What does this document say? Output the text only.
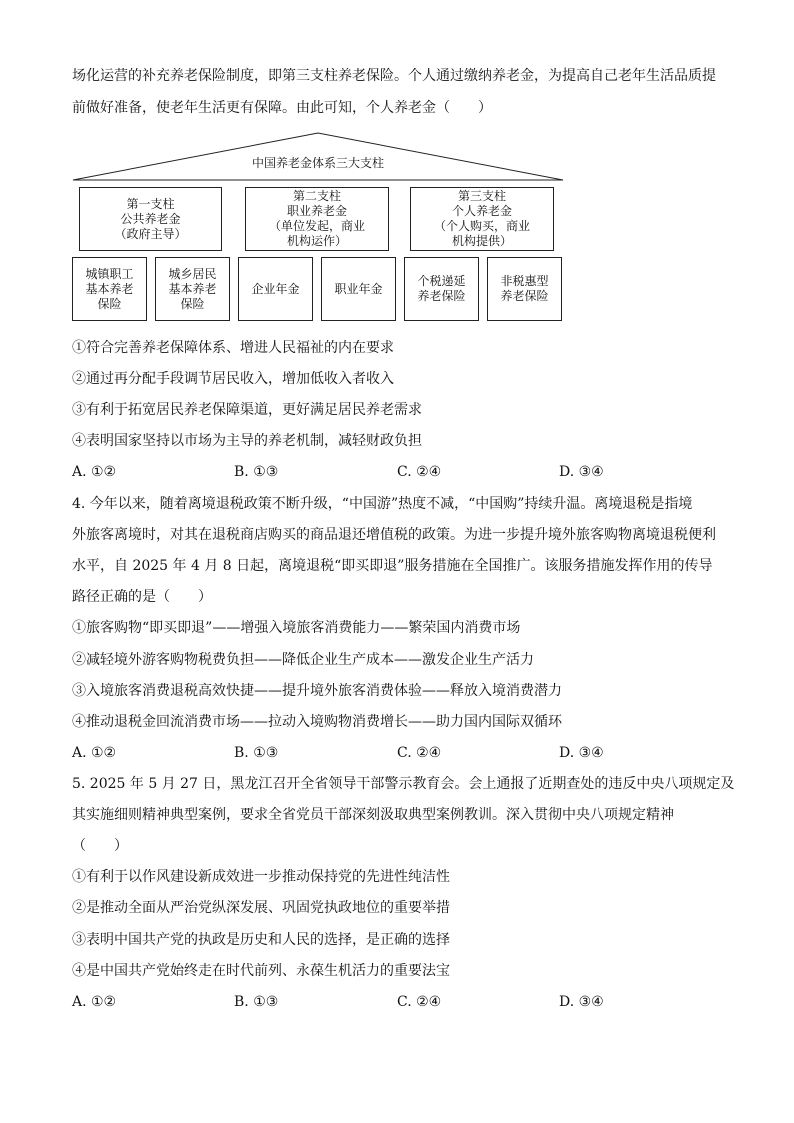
场化运营的补充养老保险制度，即第三支柱养老保险。个人通过缴纳养老金，为提高自己老年生活品质提
前做好准备，使老年生活更有保障。由此可知，个人养老金（　　）
中国养老金体系三大支柱
第一支柱
公共养老金
（政府主导）
第二支柱
职业养老金
（单位发起，商业
机构运作）
第三支柱
个人养老金
（个人购买，商业
机构提供）
城镇职工
基本养老
保险
城乡居民
基本养老
保险
企业年金	职业年金
个税递延
养老保险
非税惠型
养老保险
①符合完善养老保障体系、增进人民福祉的内在要求
②通过再分配手段调节居民收入，增加低收入者收入
③有利于拓宽居民养老保障渠道，更好满足居民养老需求
④表明国家坚持以市场为主导的养老机制，减轻财政负担
A. ①②	B. ①③	C. ②④	D. ③④
4. 今年以来，随着离境退税政策不断升级，“中国游”热度不减，“中国购”持续升温。离境退税是指境
外旅客离境时，对其在退税商店购买的商品退还增值税的政策。为进一步提升境外旅客购物离境退税便利
水平，自 2025 年 4 月 8 日起，离境退税“即买即退”服务措施在全国推广。该服务措施发挥作用的传导
路径正确的是（　　）
①旅客购物“即买即退”——增强入境旅客消费能力——繁荣国内消费市场
②减轻境外游客购物税费负担——降低企业生产成本——激发企业生产活力
③入境旅客消费退税高效快捷——提升境外旅客消费体验——释放入境消费潜力
④推动退税金回流消费市场——拉动入境购物消费增长——助力国内国际双循环
A. ①②	B. ①③	C. ②④	D. ③④
5. 2025 年 5 月 27 日，黑龙江召开全省领导干部警示教育会。会上通报了近期查处的违反中央八项规定及
其实施细则精神典型案例，要求全省党员干部深刻汲取典型案例教训。深入贯彻中央八项规定精神
（　　）
①有利于以作风建设新成效进一步推动保持党的先进性纯洁性
②是推动全面从严治党纵深发展、巩固党执政地位的重要举措
③表明中国共产党的执政是历史和人民的选择，是正确的选择
④是中国共产党始终走在时代前列、永葆生机活力的重要法宝
A. ①②	B. ①③	C. ②④	D. ③④
